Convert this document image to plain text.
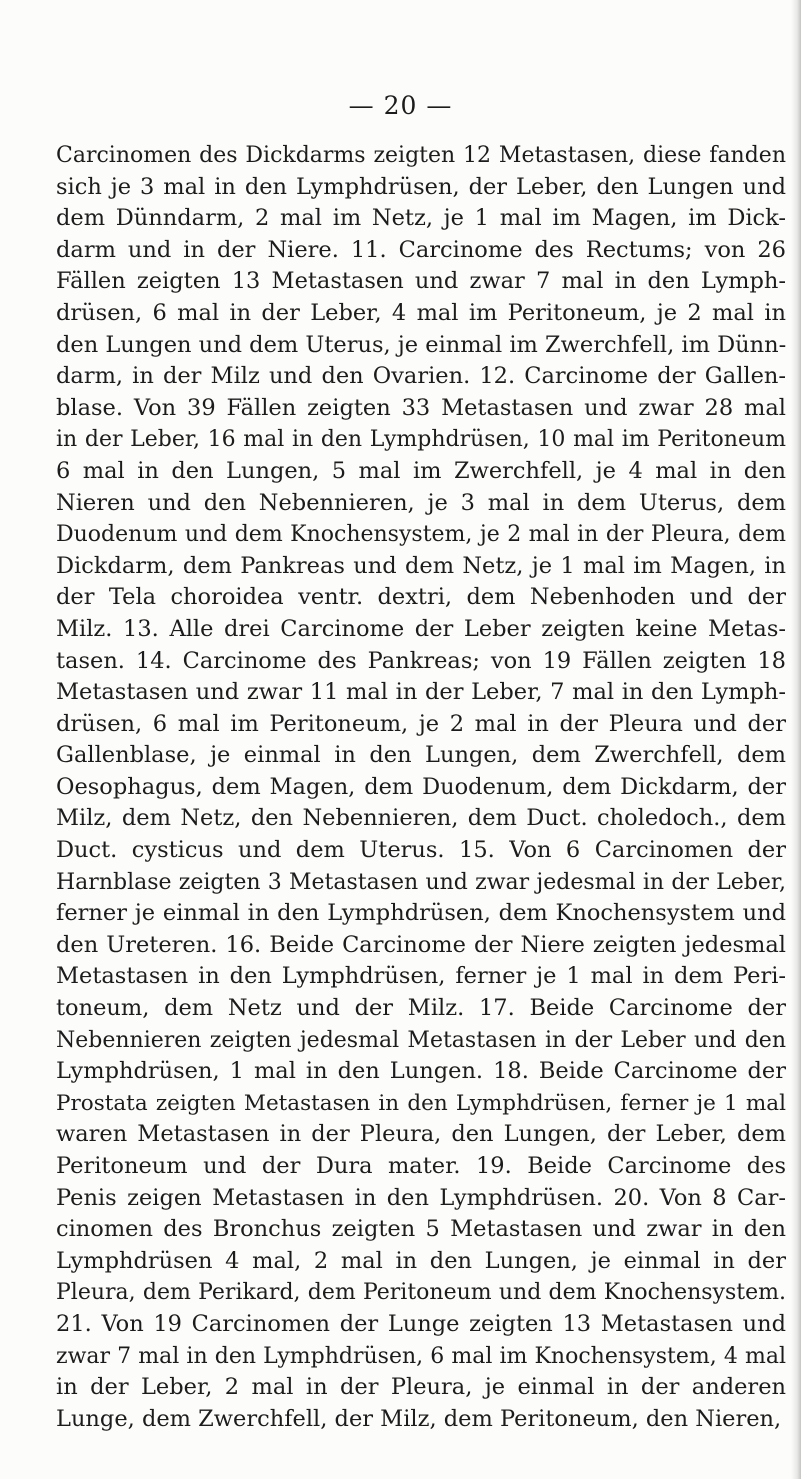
— 20 —
Carcinomen des Dickdarms zeigten 12 Metastasen, diese fanden
sich je 3 mal in den Lymphdrüsen, der Leber, den Lungen und
dem Dünndarm, 2 mal im Netz, je 1 mal im Magen, im Dick-
darm und in der Niere. 11. Carcinome des Rectums; von 26
Fällen zeigten 13 Metastasen und zwar 7 mal in den Lymph-
drüsen, 6 mal in der Leber, 4 mal im Peritoneum, je 2 mal in
den Lungen und dem Uterus, je einmal im Zwerchfell, im Dünn-
darm, in der Milz und den Ovarien. 12. Carcinome der Gallen-
blase. Von 39 Fällen zeigten 33 Metastasen und zwar 28 mal
in der Leber, 16 mal in den Lymphdrüsen, 10 mal im Peritoneum
6 mal in den Lungen, 5 mal im Zwerchfell, je 4 mal in den
Nieren und den Nebennieren, je 3 mal in dem Uterus, dem
Duodenum und dem Knochensystem, je 2 mal in der Pleura, dem
Dickdarm, dem Pankreas und dem Netz, je 1 mal im Magen, in
der Tela choroidea ventr. dextri, dem Nebenhoden und der
Milz. 13. Alle drei Carcinome der Leber zeigten keine Metas-
tasen. 14. Carcinome des Pankreas; von 19 Fällen zeigten 18
Metastasen und zwar 11 mal in der Leber, 7 mal in den Lymph-
drüsen, 6 mal im Peritoneum, je 2 mal in der Pleura und der
Gallenblase, je einmal in den Lungen, dem Zwerchfell, dem
Oesophagus, dem Magen, dem Duodenum, dem Dickdarm, der
Milz, dem Netz, den Nebennieren, dem Duct. choledoch., dem
Duct. cysticus und dem Uterus. 15. Von 6 Carcinomen der
Harnblase zeigten 3 Metastasen und zwar jedesmal in der Leber,
ferner je einmal in den Lymphdrüsen, dem Knochensystem und
den Ureteren. 16. Beide Carcinome der Niere zeigten jedesmal
Metastasen in den Lymphdrüsen, ferner je 1 mal in dem Peri-
toneum, dem Netz und der Milz. 17. Beide Carcinome der
Nebennieren zeigten jedesmal Metastasen in der Leber und den
Lymphdrüsen, 1 mal in den Lungen. 18. Beide Carcinome der
Prostata zeigten Metastasen in den Lymphdrüsen, ferner je 1 mal
waren Metastasen in der Pleura, den Lungen, der Leber, dem
Peritoneum und der Dura mater. 19. Beide Carcinome des
Penis zeigen Metastasen in den Lymphdrüsen. 20. Von 8 Car-
cinomen des Bronchus zeigten 5 Metastasen und zwar in den
Lymphdrüsen 4 mal, 2 mal in den Lungen, je einmal in der
Pleura, dem Perikard, dem Peritoneum und dem Knochensystem.
21. Von 19 Carcinomen der Lunge zeigten 13 Metastasen und
zwar 7 mal in den Lymphdrüsen, 6 mal im Knochensystem, 4 mal
in der Leber, 2 mal in der Pleura, je einmal in der anderen
Lunge, dem Zwerchfell, der Milz, dem Peritoneum, den Nieren,
